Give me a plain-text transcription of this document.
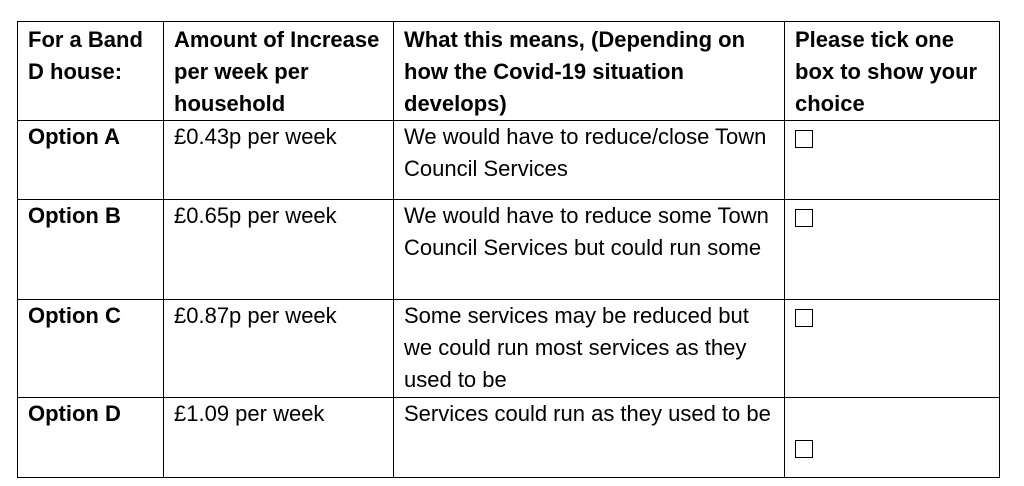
For a Band D house:	Amount of Increase per week per household	What this means, (Depending on how the Covid-19 situation develops)	Please tick one box to show your choice
Option A	£0.43p per week	We would have to reduce/close Town Council Services	
Option B	£0.65p per week	We would have to reduce some Town Council Services but could run some	
Option C	£0.87p per week	Some services may be reduced but we could run most services as they used to be	
Option D	£1.09 per week	Services could run as they used to be	
